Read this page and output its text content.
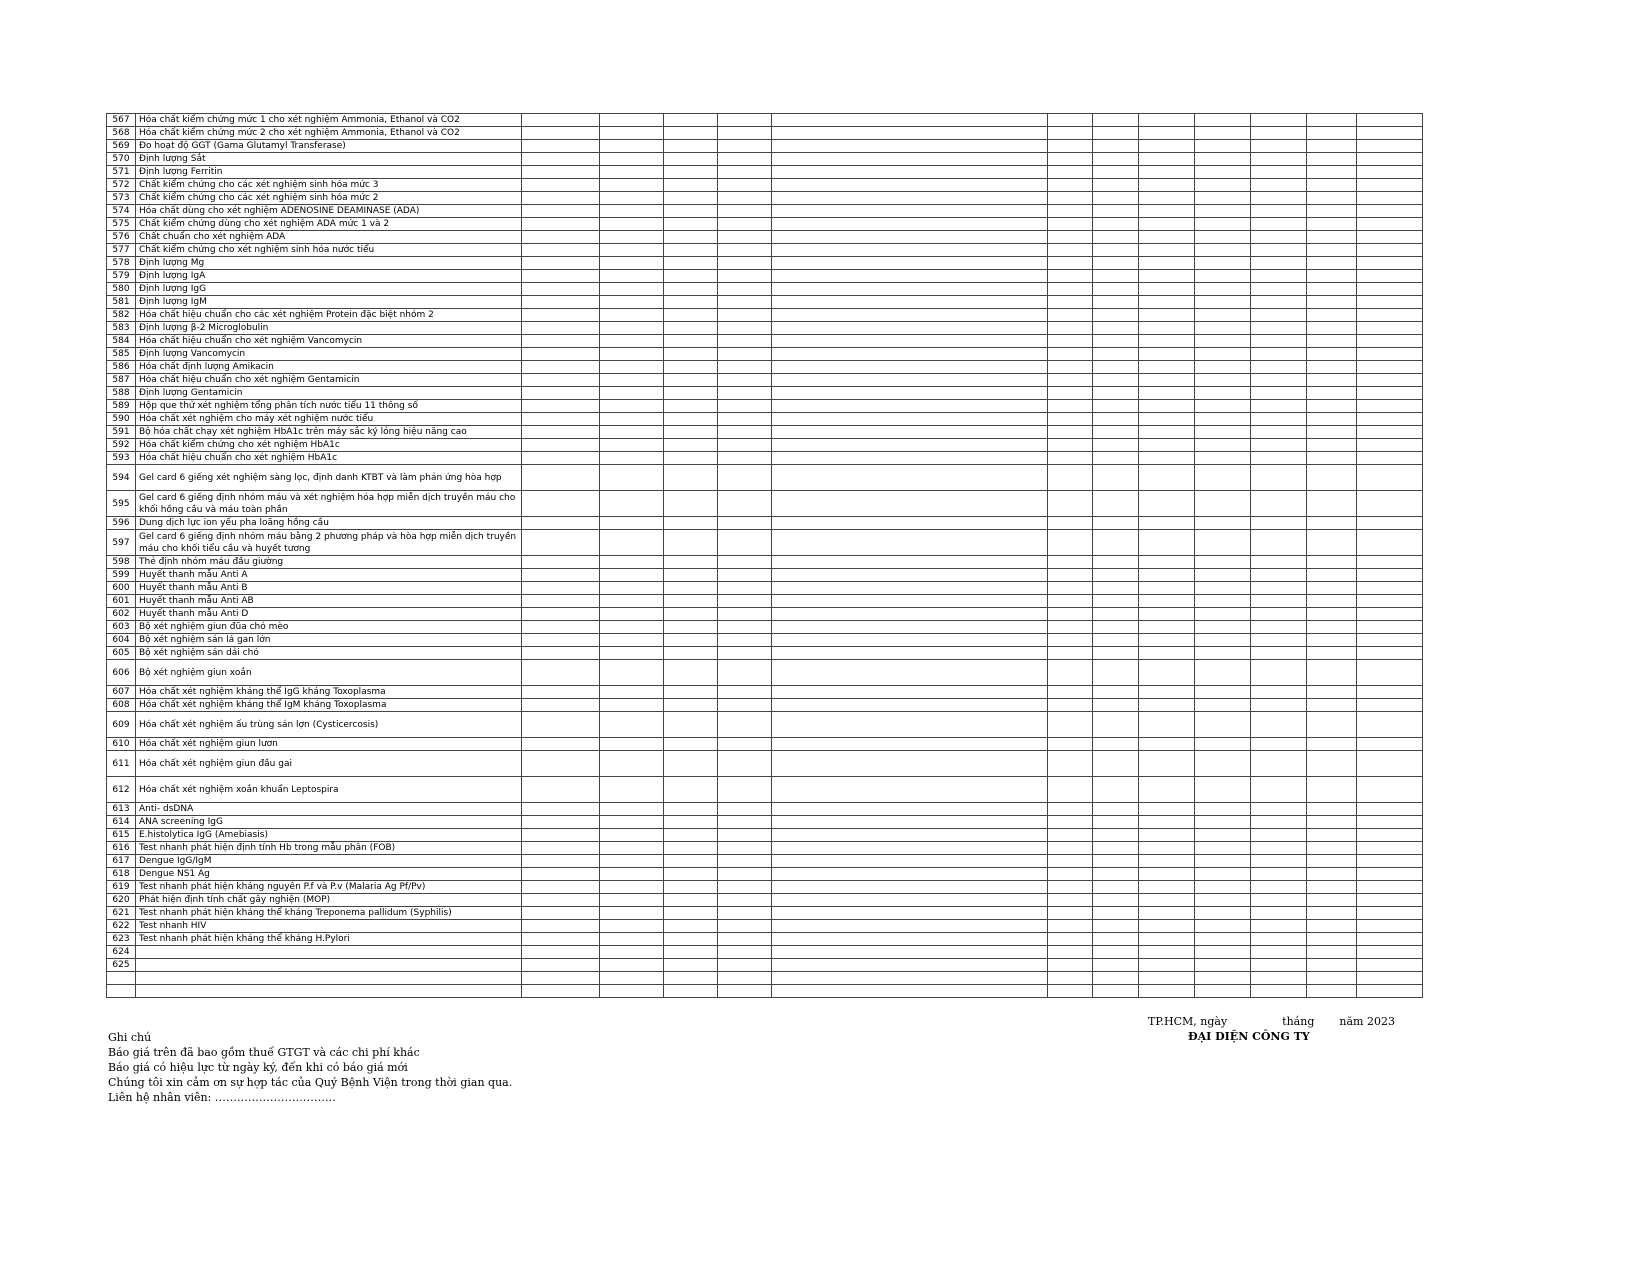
567	Hóa chất kiểm chứng mức 1 cho xét nghiệm Ammonia, Ethanol và CO2												
568	Hóa chất kiểm chứng mức 2 cho xét nghiệm Ammonia, Ethanol và CO2												
569	Đo hoạt độ GGT (Gama Glutamyl Transferase)												
570	Định lượng Sắt												
571	Định lượng Ferritin												
572	Chất kiểm chứng cho các xét nghiệm sinh hóa mức 3												
573	Chất kiểm chứng cho các xét nghiệm sinh hóa mức 2												
574	Hóa chất dùng cho xét nghiệm ADENOSINE DEAMINASE (ADA)												
575	Chất kiểm chứng dùng cho xét nghiệm ADA mức 1 và 2												
576	Chất chuẩn cho xét nghiệm ADA												
577	Chất kiểm chứng cho xét nghiệm sinh hóa nước tiểu												
578	Định lượng Mg												
579	Định lượng IgA												
580	Định lượng IgG												
581	Định lượng IgM												
582	Hóa chất hiệu chuẩn cho các xét nghiệm Protein đặc biệt nhóm 2												
583	Định lượng β-2 Microglobulin												
584	Hóa chất hiệu chuẩn cho xét nghiệm Vancomycin												
585	Định lượng Vancomycin												
586	Hóa chất định lượng Amikacin												
587	Hóa chất hiệu chuẩn cho xét nghiệm Gentamicin												
588	Định lượng Gentamicin												
589	Hộp que thử xét nghiệm tổng phân tích nước tiểu 11 thông số												
590	Hóa chất xét nghiệm cho máy xét nghiệm nước tiểu												
591	Bộ hóa chất chạy xét nghiệm HbA1c trên máy sắc ký lỏng hiệu năng cao												
592	Hóa chất kiểm chứng cho xét nghiệm HbA1c												
593	Hóa chất hiệu chuẩn cho xét nghiệm HbA1c												
594	Gel card 6 giếng xét nghiệm sàng lọc, định danh KTBT và làm phản ứng hòa hợp												
595	Gel card 6 giếng định nhóm máu và xét nghiệm hóa hợp miễn dịch truyền máu cho khối hồng cầu và máu toàn phần												
596	Dung dịch lực ion yếu pha loãng hồng cầu												
597	Gel card 6 giếng định nhóm máu bằng 2 phương pháp và hòa hợp miễn dịch truyền máu cho khối tiểu cầu và huyết tương												
598	Thẻ định nhóm máu đầu giường												
599	Huyết thanh mẫu Anti A												
600	Huyết thanh mẫu Anti B												
601	Huyết thanh mẫu Anti AB												
602	Huyết thanh mẫu Anti D												
603	Bộ xét nghiệm giun đũa chó mèo												
604	Bộ xét nghiệm sán lá gan lớn												
605	Bộ xét nghiệm sán dải chó												
606	Bộ xét nghiệm giun xoắn												
607	Hóa chất xét nghiệm kháng thể IgG kháng Toxoplasma												
608	Hóa chất xét nghiệm kháng thể IgM kháng Toxoplasma												
609	Hóa chất xét nghiệm ấu trùng sán lợn (Cysticercosis)												
610	Hóa chất xét nghiệm giun lươn												
611	Hóa chất xét nghiệm giun đầu gai												
612	Hóa chất xét nghiệm xoắn khuẩn Leptospira												
613	Anti- dsDNA												
614	ANA screening IgG												
615	E.histolytica IgG (Amebiasis)												
616	Test nhanh phát hiện định tính Hb trong mẫu phân (FOB)												
617	Dengue IgG/IgM												
618	Dengue NS1 Ag												
619	Test nhanh phát hiện kháng nguyên P.f và P.v (Malaria Ag Pf/Pv)												
620	Phát hiện định tính chất gây nghiện (MOP)												
621	Test nhanh phát hiện kháng thể kháng Treponema pallidum (Syphilis)												
622	Test nhanh HIV												
623	Test nhanh phát hiện kháng thể kháng H.Pylori												
624													
625													

TP.HCM, ngày	tháng năm 2023
ĐẠI DIỆN CÔNG TY
Ghi chú
Báo giá trên đã bao gồm thuế GTGT và các chi phí khác
Báo giá có hiệu lực từ ngày ký, đến khi có báo giá mới
Chúng tôi xin cảm ơn sự hợp tác của Quý Bệnh Viện trong thời gian qua.
Liên hệ nhân viên: ……………………………
